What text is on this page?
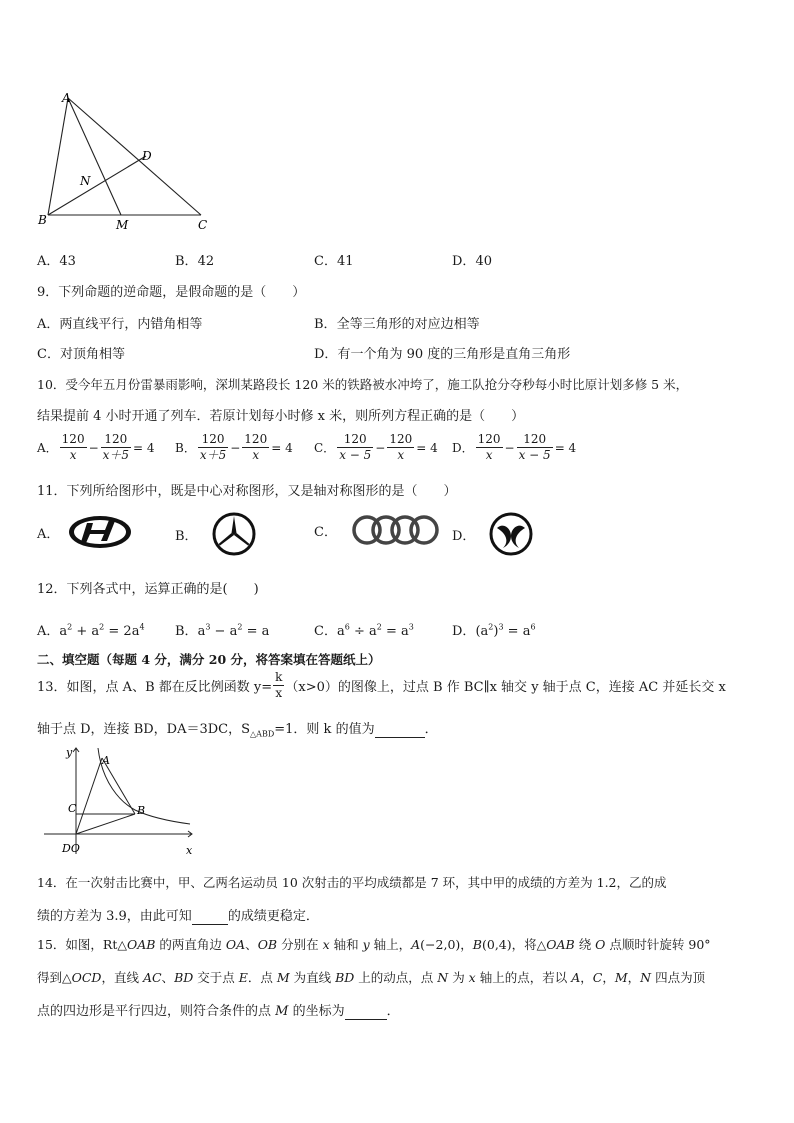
A
D
N
B	M	C
A．43	B．42	C．41	D．40
9．下列命题的逆命题，是假命题的是（　　）
A．两直线平行，内错角相等	B．全等三角形的对应边相等
C．对顶角相等	D．有一个角为 90 度的三角形是直角三角形
10．受今年五月份雷暴雨影响，深圳某路段长 120 米的铁路被水冲垮了，施工队抢分夺秒每小时比原计划多修 5 米，
结果提前 4 小时开通了列车．若原计划每小时修 x 米，则所列方程正确的是（　　）
A． $\frac{120}{x} - \frac{120}{x+5} = 4$ B． $\frac{120}{x+5} - \frac{120}{x} = 4$ C． $\frac{120}{x - 5} - \frac{120}{x} = 4$ D． $\frac{120}{x} - \frac{120}{x - 5} = 4$
11．下列所给图形中，既是中心对称图形，又是轴对称图形的是（　　）
A．	B．	C．	D．
12．下列各式中，运算正确的是(　　)
A．$a^2 + a^2 = 2a^4$ B．$a^3 - a^2 = a$	C．$a^6 \div a^2 = a^3$	D．$(a^2)^3 = a^6$
二、填空题（每题 4 分，满分 20 分，将答案填在答题纸上）
13．如图，点 A、B 都在反比例函数 $y= \frac{k}{x} (x>0)$的图像上，过点 B 作 BC∥x 轴交 y 轴于点 C，连接 AC 并延长交 x
轴于点 D，连接 BD，DA＝3DC，$S_{\triangle ABD}=1$．则 k 的值为	．
y
A
C	B
DO	x
14．在一次射击比赛中，甲、乙两名运动员 10 次射击的平均成绩都是 7 环，其中甲的成绩的方差为 1.2，乙的成
绩的方差为 3.9，由此可知	的成绩更稳定．
15．如图，Rt△OAB 的两直角边 OA、OB 分别在 x 轴和 y 轴上，A(−2,0)，B(0,4)，将△OAB 绕 O 点顺时针旋转 90°
得到△OCD，直线 AC、BD 交于点 E．点 M 为直线 BD 上的动点，点 N 为 x 轴上的点，若以 A，C，M，N 四点为顶
点的四边形是平行四边，则符合条件的点 M 的坐标为	．
